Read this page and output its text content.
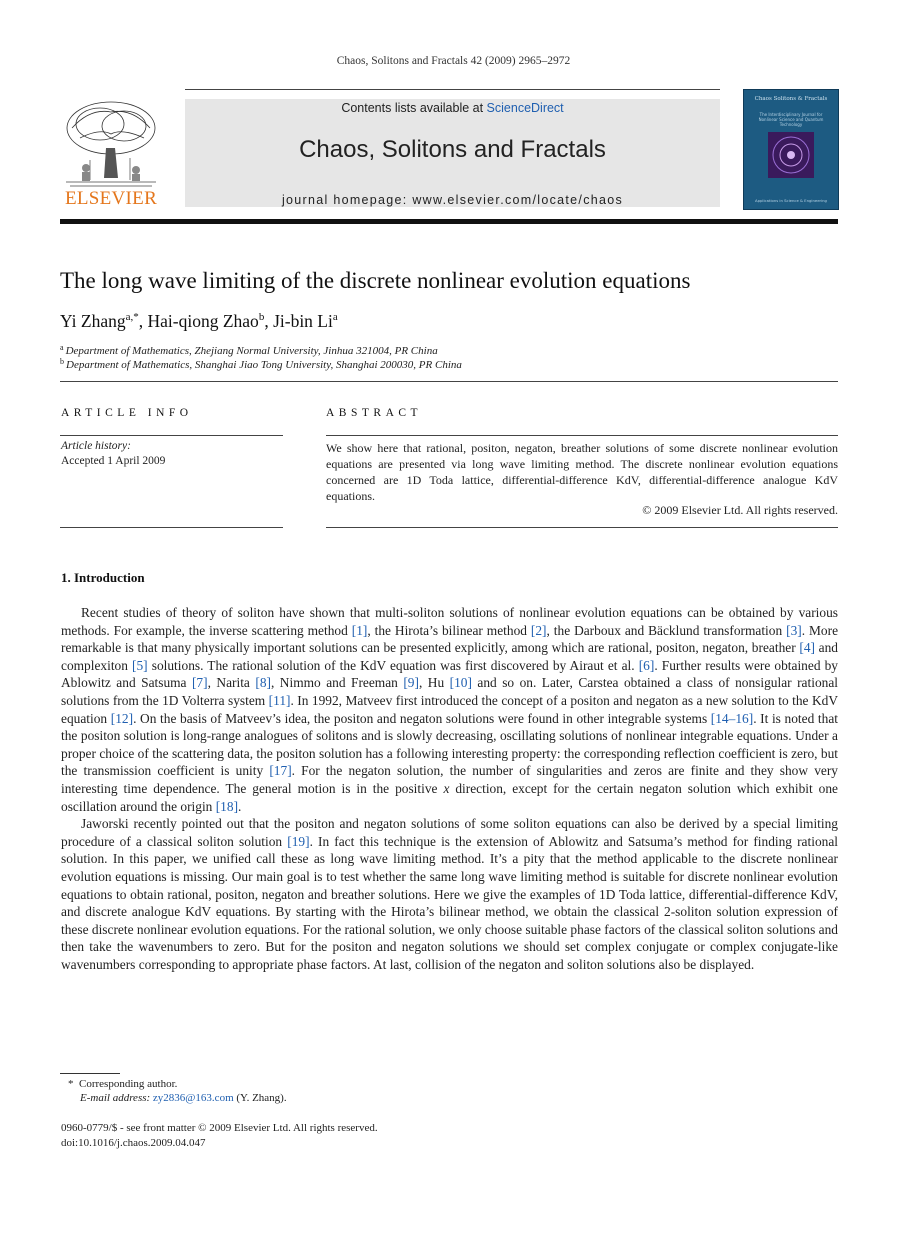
Chaos, Solitons and Fractals 42 (2009) 2965–2972
ELSEVIER
Contents lists available at ScienceDirect
Chaos, Solitons and Fractals
journal homepage: www.elsevier.com/locate/chaos
Chaos Solitons & Fractals
The Interdisciplinary Journal for Nonlinear Science and Quantum Technology
Applications in Science & Engineering
The long wave limiting of the discrete nonlinear evolution equations
Yi Zhang$^{a,*}$, Hai-qiong Zhao$^b$, Ji-bin Li$^a$
$^a$ Department of Mathematics, Zhejiang Normal University, Jinhua 321004, PR China
$^b$ Department of Mathematics, Shanghai Jiao Tong University, Shanghai 200030, PR China
ARTICLE INFO
Article history:
Accepted 1 April 2009
ABSTRACT
We show here that rational, positon, negaton, breather solutions of some discrete nonlinear evolution equations are presented via long wave limiting method. The discrete nonlinear evolution equations concerned are 1D Toda lattice, differential-difference KdV, differential-difference analogue KdV equations.
© 2009 Elsevier Ltd. All rights reserved.
1. Introduction

Recent studies of theory of soliton have shown that multi-soliton solutions of nonlinear evolution equations can be obtained by various methods. For example, the inverse scattering method [1], the Hirota’s bilinear method [2], the Darboux and Bäcklund transformation [3]. More remarkable is that many physically important solutions can be presented explicitly, among which are rational, positon, negaton, breather [4] and complexiton [5] solutions. The rational solution of the KdV equation was first discovered by Airaut et al. [6]. Further results were obtained by Ablowitz and Satsuma [7], Narita [8], Nimmo and Freeman [9], Hu [10] and so on. Later, Carstea obtained a class of nonsigular rational solutions from the 1D Volterra system [11]. In 1992, Matveev first introduced the concept of a positon and negaton as a new solution to the KdV equation [12]. On the basis of Matveev’s idea, the positon and negaton solutions were found in other integrable systems [14–16]. It is noted that the positon solution is long-range analogues of solitons and is slowly decreasing, oscillating solutions of nonlinear integrable equations. Under a proper choice of the scattering data, the positon solution has a following interesting property: the corresponding reflection coefficient is zero, but the transmission coefficient is unity [17]. For the negaton solution, the number of singularities and zeros are finite and they show very interesting time dependence. The general motion is in the positive x direction, except for the certain negaton solution which exhibit one oscillation around the origin [18].

Jaworski recently pointed out that the positon and negaton solutions of some soliton equations can also be derived by a special limiting procedure of a classical soliton solution [19]. In fact this technique is the extension of Ablowitz and Satsuma’s method for finding rational solution. In this paper, we unified call these as long wave limiting method. It’s a pity that the method applicable to the discrete nonlinear evolution equations is missing. Our main goal is to test whether the same long wave limiting method is suitable for discrete nonlinear evolution equations to obtain rational, positon, negaton and breather solutions. Here we give the examples of 1D Toda lattice, differential-difference KdV, and discrete analogue KdV equations. By starting with the Hirota’s bilinear method, we obtain the classical 2-soliton solution expression of these discrete nonlinear evolution equations. For the rational solution, we only choose suitable phase factors of the classical soliton solutions and then take the wavenumbers to zero. But for the positon and negaton solutions we should set complex conjugate or complex conjugate-like wavenumbers corresponding to appropriate phase factors. At last, collision of the negaton and soliton solutions also be displayed.

* Corresponding author.
E-mail address: zy2836@163.com (Y. Zhang).
0960-0779/$ - see front matter © 2009 Elsevier Ltd. All rights reserved.
doi:10.1016/j.chaos.2009.04.047
